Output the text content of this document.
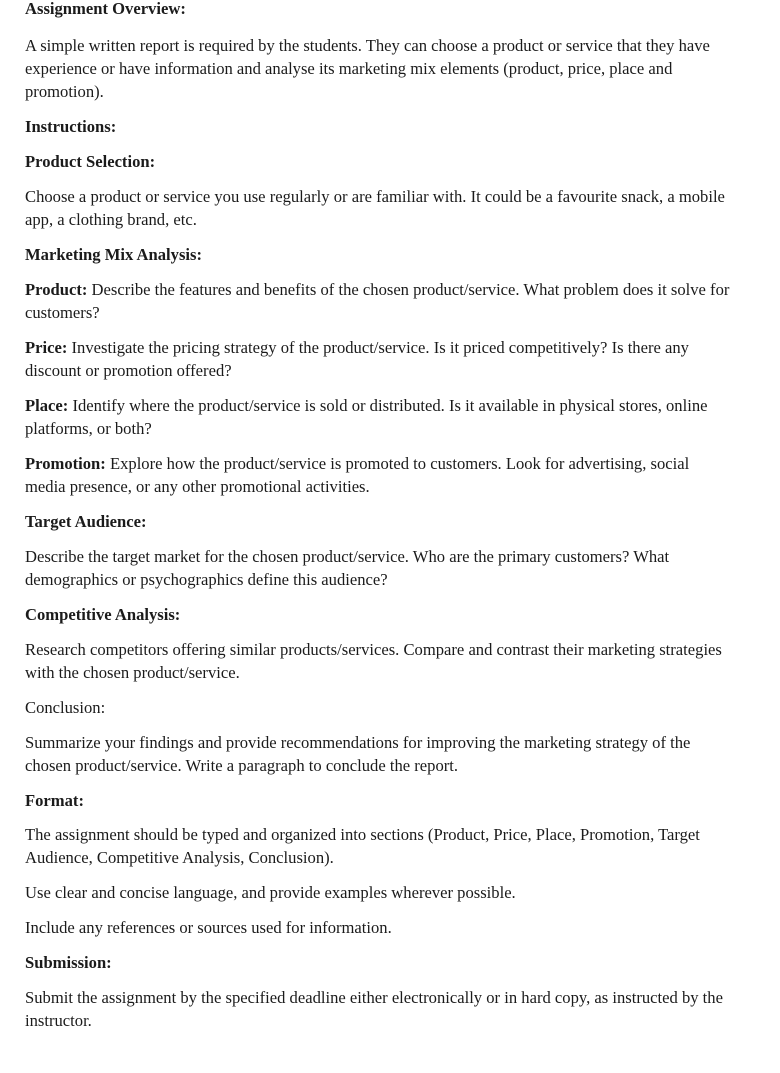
Assignment Overview:

A simple written report is required by the students. They can choose a product or service that they have experience or have information and analyse its marketing mix elements (product, price, place and promotion).

Instructions:

Product Selection:

Choose a product or service you use regularly or are familiar with. It could be a favourite snack, a mobile app, a clothing brand, etc.

Marketing Mix Analysis:

Product: Describe the features and benefits of the chosen product/service. What problem does it solve for customers?

Price: Investigate the pricing strategy of the product/service. Is it priced competitively? Is there any discount or promotion offered?

Place: Identify where the product/service is sold or distributed. Is it available in physical stores, online platforms, or both?

Promotion: Explore how the product/service is promoted to customers. Look for advertising, social media presence, or any other promotional activities.

Target Audience:

Describe the target market for the chosen product/service. Who are the primary customers? What demographics or psychographics define this audience?

Competitive Analysis:

Research competitors offering similar products/services. Compare and contrast their marketing strategies with the chosen product/service.

Conclusion:

Summarize your findings and provide recommendations for improving the marketing strategy of the chosen product/service. Write a paragraph to conclude the report.

Format:

The assignment should be typed and organized into sections (Product, Price, Place, Promotion, Target Audience, Competitive Analysis, Conclusion).

Use clear and concise language, and provide examples wherever possible.

Include any references or sources used for information.

Submission:

Submit the assignment by the specified deadline either electronically or in hard copy, as instructed by the instructor.
